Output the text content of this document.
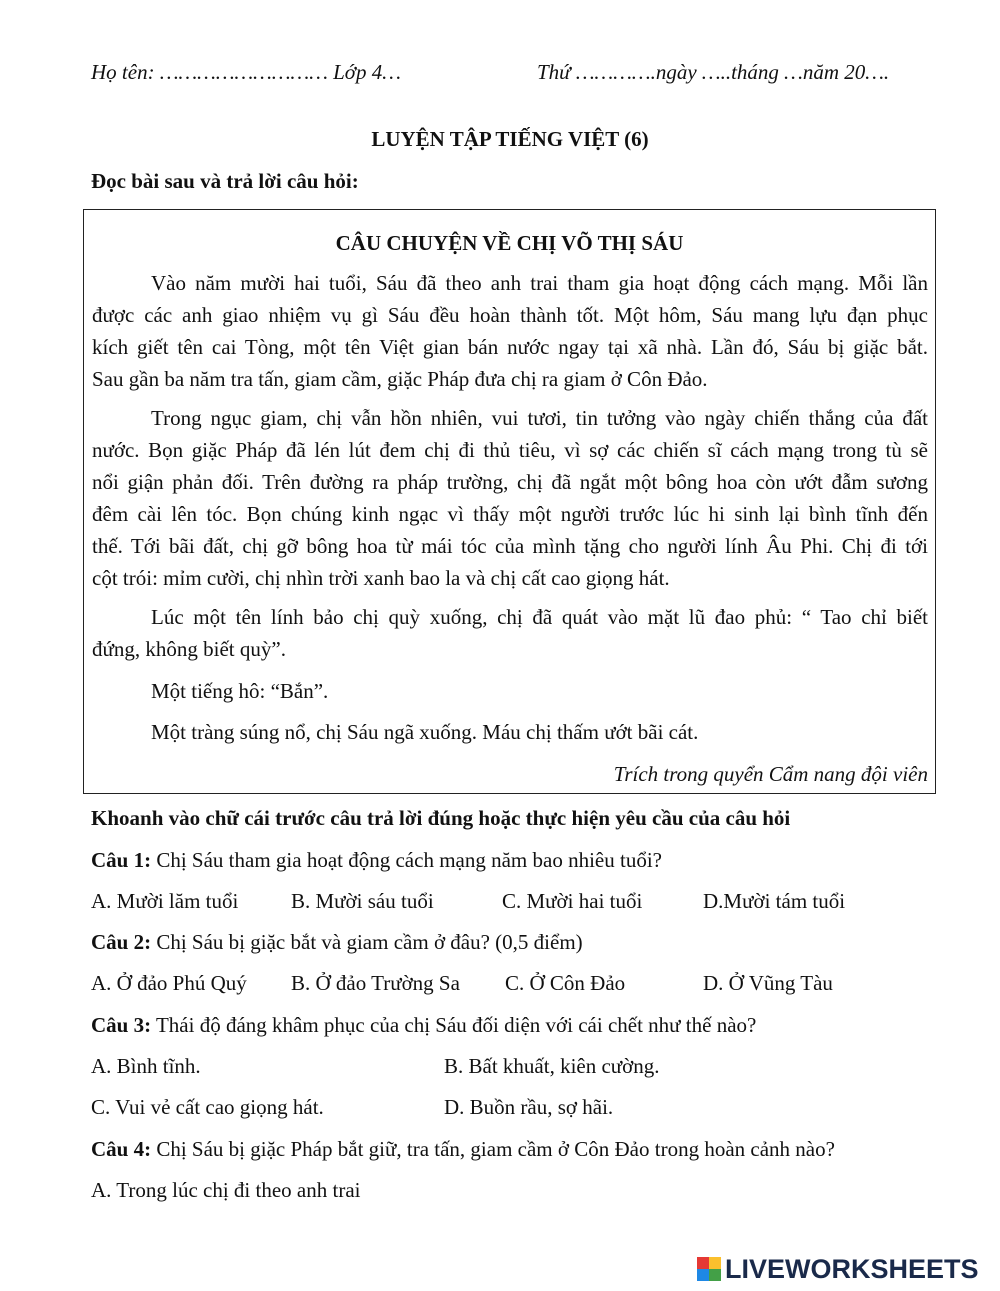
Họ tên: ……………………… Lớp 4…	Thứ ………….ngày …..tháng …năm 20….
LUYỆN TẬP TIẾNG VIỆT (6)
Đọc bài sau và trả lời câu hỏi:
CÂU CHUYỆN VỀ CHỊ VÕ THỊ SÁU
Vào năm mười hai tuổi, Sáu đã theo anh trai tham gia hoạt động cách mạng. Mỗi lần
được các anh giao nhiệm vụ gì Sáu đều hoàn thành tốt. Một hôm, Sáu mang lựu đạn phục
kích giết tên cai Tòng, một tên Việt gian bán nước ngay tại xã nhà. Lần đó, Sáu bị giặc bắt.
Sau gần ba năm tra tấn, giam cầm, giặc Pháp đưa chị ra giam ở Côn Đảo.
Trong ngục giam, chị vẫn hồn nhiên, vui tươi, tin tưởng vào ngày chiến thắng của đất
nước. Bọn giặc Pháp đã lén lút đem chị đi thủ tiêu, vì sợ các chiến sĩ cách mạng trong tù sẽ
nổi giận phản đối. Trên đường ra pháp trường, chị đã ngắt một bông hoa còn ướt đẫm sương
đêm cài lên tóc. Bọn chúng kinh ngạc vì thấy một người trước lúc hi sinh lại bình tĩnh đến
thế. Tới bãi đất, chị gỡ bông hoa từ mái tóc của mình tặng cho người lính Âu Phi. Chị đi tới
cột trói: mỉm cười, chị nhìn trời xanh bao la và chị cất cao giọng hát.
Lúc một tên lính bảo chị quỳ xuống, chị đã quát vào mặt lũ đao phủ: “ Tao chỉ biết
đứng, không biết quỳ”.
Một tiếng hô: “Bắn”.
Một tràng súng nổ, chị Sáu ngã xuống. Máu chị thấm ướt bãi cát.
Trích trong quyển Cẩm nang đội viên
Khoanh vào chữ cái trước câu trả lời đúng hoặc thực hiện yêu cầu của câu hỏi
Câu 1: Chị Sáu tham gia hoạt động cách mạng năm bao nhiêu tuổi?
A. Mười lăm tuổi	B. Mười sáu tuổi	C. Mười hai tuổi	D.Mười tám tuổi
Câu 2: Chị Sáu bị giặc bắt và giam cầm ở đâu? (0,5 điểm)
A. Ở đảo Phú Quý B. Ở đảo Trường Sa C. Ở Côn Đảo	D. Ở Vũng Tàu
Câu 3: Thái độ đáng khâm phục của chị Sáu đối diện với cái chết như thế nào?
A. Bình tĩnh.	B. Bất khuất, kiên cường.
C. Vui vẻ cất cao giọng hát.	D. Buồn rầu, sợ hãi.
Câu 4: Chị Sáu bị giặc Pháp bắt giữ, tra tấn, giam cầm ở Côn Đảo trong hoàn cảnh nào?
A. Trong lúc chị đi theo anh trai
LIVEWORKSHEETS
